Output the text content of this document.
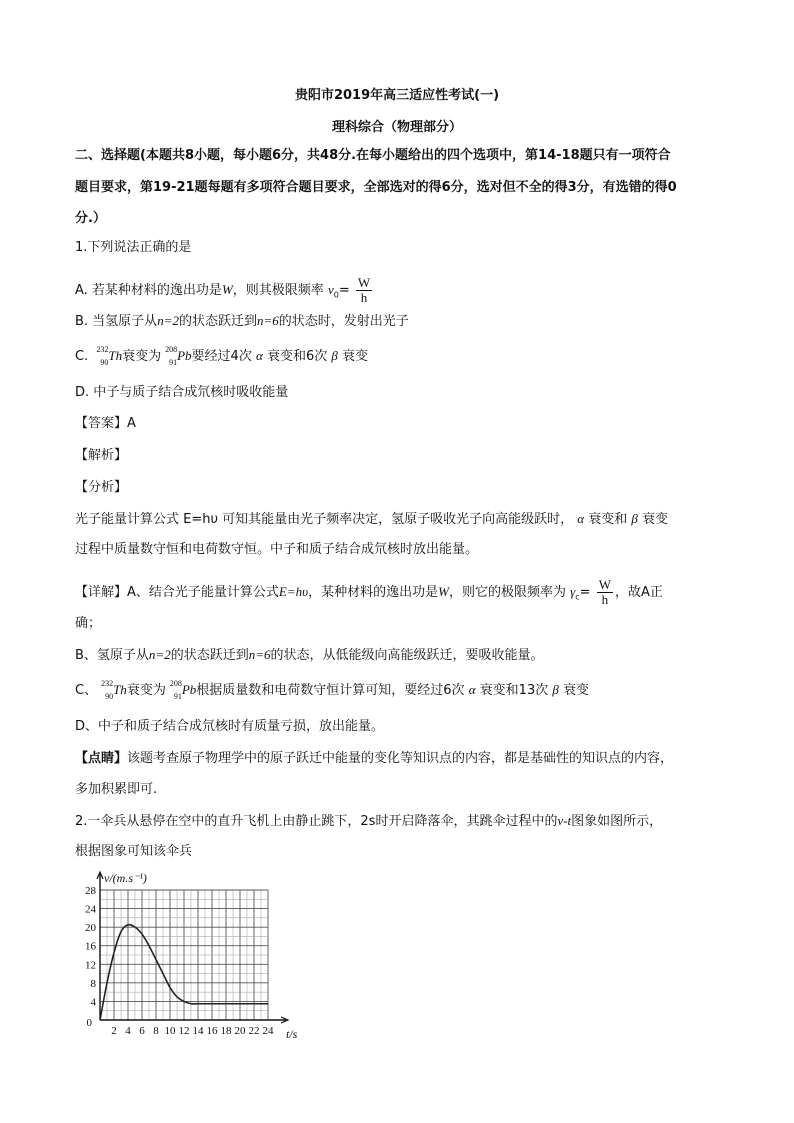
贵阳市2019年高三适应性考试(一)
理科综合（物理部分）
二、选择题(本题共8小题，每小题6分，共48分.在每小题给出的四个选项中，第14-18题只有一项符合
题目要求，第19-21题每题有多项符合题目要求，全部选对的得6分，选对但不全的得3分，有选错的得0
分.）
1.下列说法正确的是
A. 若某种材料的逸出功是W，则其极限频率 $\nu_0= \frac{W}{h}$
B. 当氢原子从n=2的状态跃迁到n=6的状态时，发射出光子
C. 232
90 Th衰变为 208
91 Pb要经过4次 α 衰变和6次 β 衰变
D. 中子与质子结合成氘核时吸收能量
【答案】A
【解析】
【分析】
光子能量计算公式 E=hυ 可知其能量由光子频率决定，氢原子吸收光子向高能级跃时， α 衰变和 β 衰变
过程中质量数守恒和电荷数守恒。中子和质子结合成氘核时放出能量。
【详解】A、结合光子能量计算公式E=hυ，某种材料的逸出功是W，则它的极限频率为 $\gamma_c= \frac{W}{h}$ ，故A正
确；
B、氢原子从n=2的状态跃迁到n=6的状态，从低能级向高能级跃迁，要吸收能量。
C、 232
90 Th衰变为 208
91 Pb根据质量数和电荷数守恒计算可知，要经过6次 α 衰变和13次 β 衰变
D、中子和质子结合成氘核时有质量亏损，放出能量。
【点睛】该题考查原子物理学中的原子跃迁中能量的变化等知识点的内容，都是基础性的知识点的内容，
多加积累即可.
2.一伞兵从悬停在空中的直升飞机上由静止跳下，2s时开启降落伞，其跳伞过程中的v-t图象如图所示，
根据图象可知该伞兵
4
8
12
16
20
24
28
2 4 6 8 10 12 14 16 18 20 22 24
0
v/(m.s⁻¹)
t/s
